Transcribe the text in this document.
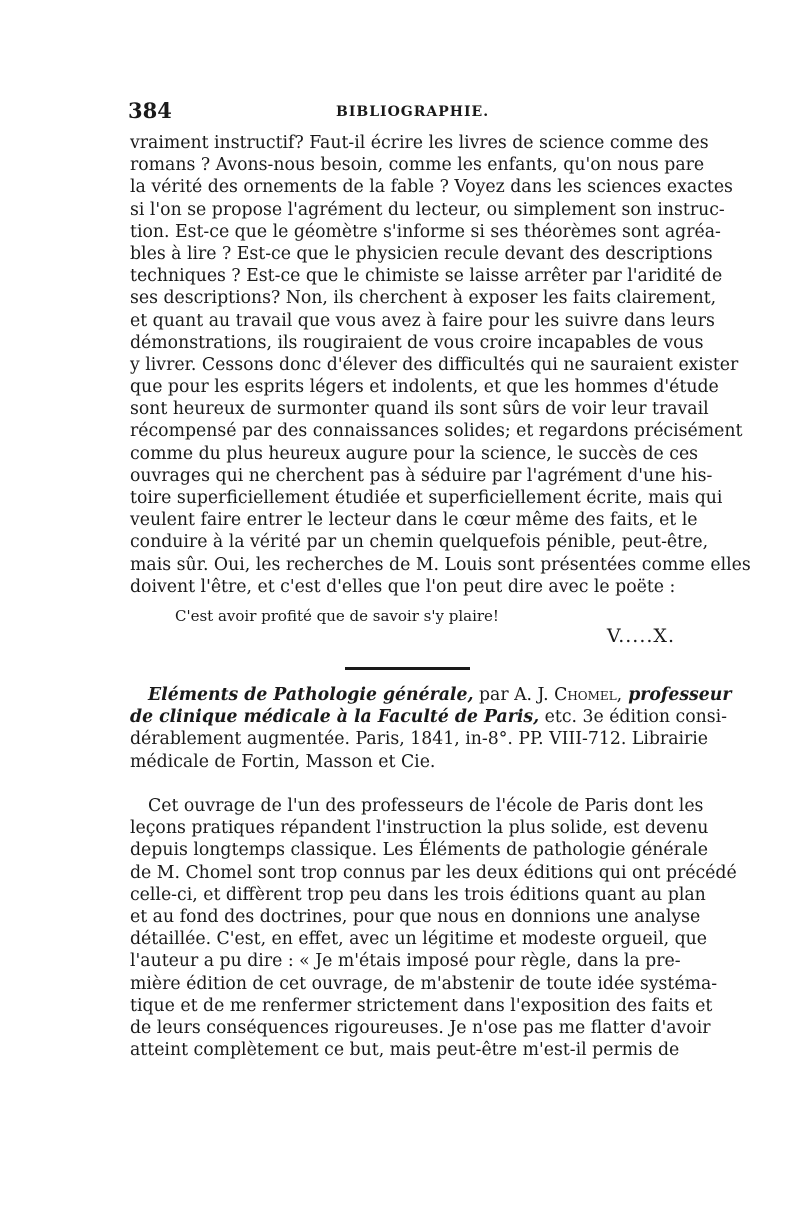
384	BIBLIOGRAPHIE.
vraiment instructif? Faut-il écrire les livres de science comme des
romans ? Avons-nous besoin, comme les enfants, qu'on nous pare
la vérité des ornements de la fable ? Voyez dans les sciences exactes
si l'on se propose l'agrément du lecteur, ou simplement son instruc-
tion. Est-ce que le géomètre s'informe si ses théorèmes sont agréa-
bles à lire ? Est-ce que le physicien recule devant des descriptions
techniques ? Est-ce que le chimiste se laisse arrêter par l'aridité de
ses descriptions? Non, ils cherchent à exposer les faits clairement,
et quant au travail que vous avez à faire pour les suivre dans leurs
démonstrations, ils rougiraient de vous croire incapables de vous
y livrer. Cessons donc d'élever des difficultés qui ne sauraient exister
que pour les esprits légers et indolents, et que les hommes d'étude
sont heureux de surmonter quand ils sont sûrs de voir leur travail
récompensé par des connaissances solides; et regardons précisément
comme du plus heureux augure pour la science, le succès de ces
ouvrages qui ne cherchent pas à séduire par l'agrément d'une his-
toire superficiellement étudiée et superficiellement écrite, mais qui
veulent faire entrer le lecteur dans le cœur même des faits, et le
conduire à la vérité par un chemin quelquefois pénible, peut-être,
mais sûr. Oui, les recherches de M. Louis sont présentées comme elles
doivent l'être, et c'est d'elles que l'on peut dire avec le poëte :
C'est avoir profité que de savoir s'y plaire!
V.....X.
Eléments de Pathologie générale, par A. J. Chomel, professeur
de clinique médicale à la Faculté de Paris, etc. 3e édition consi-
dérablement augmentée. Paris, 1841, in-8°. PP. VIII-712. Librairie
médicale de Fortin, Masson et Cie.
Cet ouvrage de l'un des professeurs de l'école de Paris dont les
leçons pratiques répandent l'instruction la plus solide, est devenu
depuis longtemps classique. Les Éléments de pathologie générale
de M. Chomel sont trop connus par les deux éditions qui ont précédé
celle-ci, et diffèrent trop peu dans les trois éditions quant au plan
et au fond des doctrines, pour que nous en donnions une analyse
détaillée. C'est, en effet, avec un légitime et modeste orgueil, que
l'auteur a pu dire : « Je m'étais imposé pour règle, dans la pre-
mière édition de cet ouvrage, de m'abstenir de toute idée systéma-
tique et de me renfermer strictement dans l'exposition des faits et
de leurs conséquences rigoureuses. Je n'ose pas me flatter d'avoir
atteint complètement ce but, mais peut-être m'est-il permis de
